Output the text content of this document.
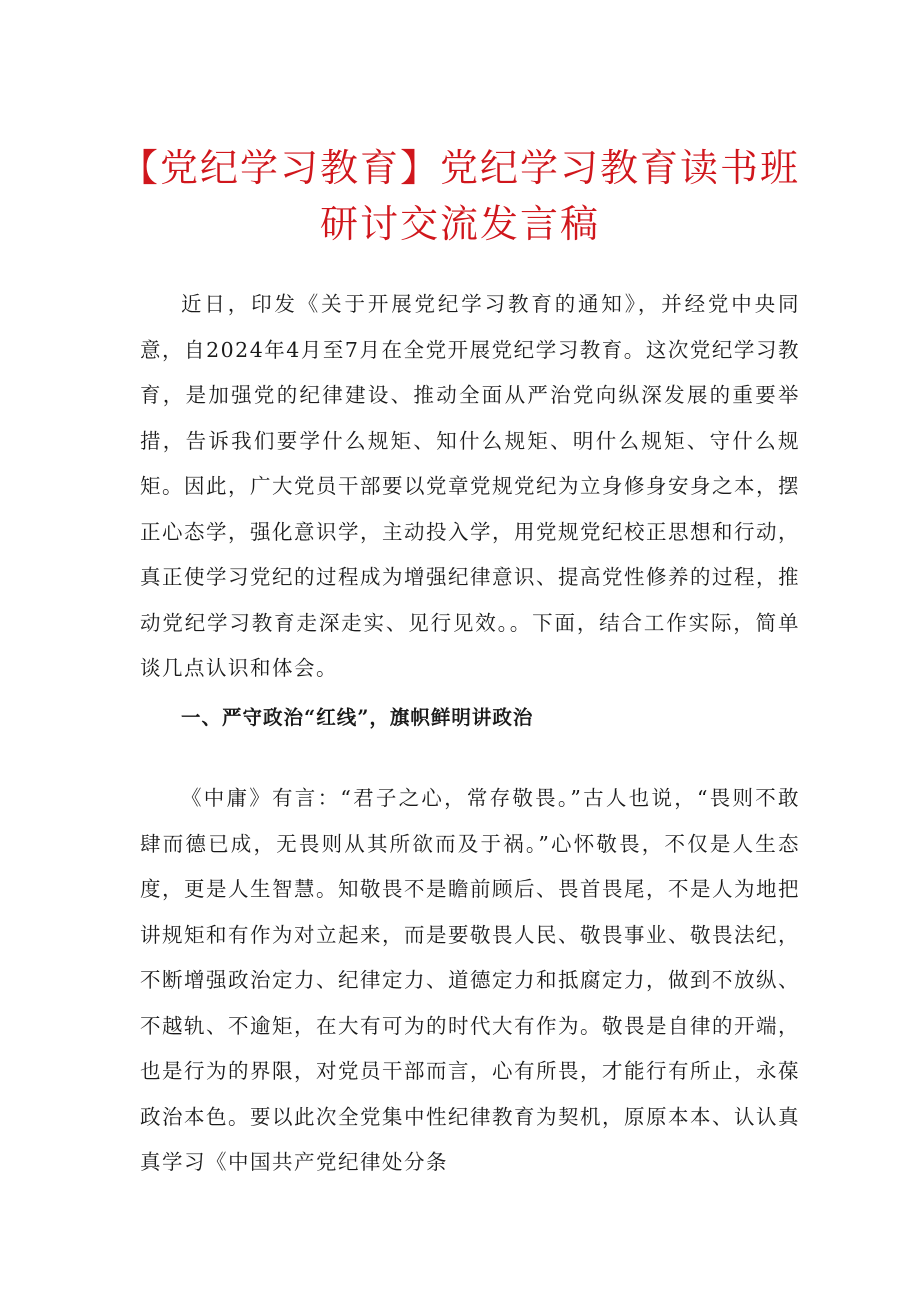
【党纪学习教育】党纪学习教育读书班
研讨交流发言稿

近日，印发《关于开展党纪学习教育的通知》，并经党中央同意，自2024年4月至7月在全党开展党纪学习教育。这次党纪学习教育，是加强党的纪律建设、推动全面从严治党向纵深发展的重要举措，告诉我们要学什么规矩、知什么规矩、明什么规矩、守什么规矩。因此，广大党员干部要以党章党规党纪为立身修身安身之本，摆正心态学，强化意识学，主动投入学，用党规党纪校正思想和行动，真正使学习党纪的过程成为增强纪律意识、提高党性修养的过程，推动党纪学习教育走深走实、见行见效。。下面，结合工作实际，简单谈几点认识和体会。

一、严守政治“红线”，旗帜鲜明讲政治

《中庸》有言：“君子之心，常存敬畏。”古人也说，“畏则不敢肆而德已成，无畏则从其所欲而及于祸。”心怀敬畏，不仅是人生态度，更是人生智慧。知敬畏不是瞻前顾后、畏首畏尾，不是人为地把讲规矩和有作为对立起来，而是要敬畏人民、敬畏事业、敬畏法纪，不断增强政治定力、纪律定力、道德定力和抵腐定力，做到不放纵、不越轨、不逾矩，在大有可为的时代大有作为。敬畏是自律的开端，也是行为的界限，对党员干部而言，心有所畏，才能行有所止，永葆政治本色。要以此次全党集中性纪律教育为契机，原原本本、认认真真学习《中国共产党纪律处分条
